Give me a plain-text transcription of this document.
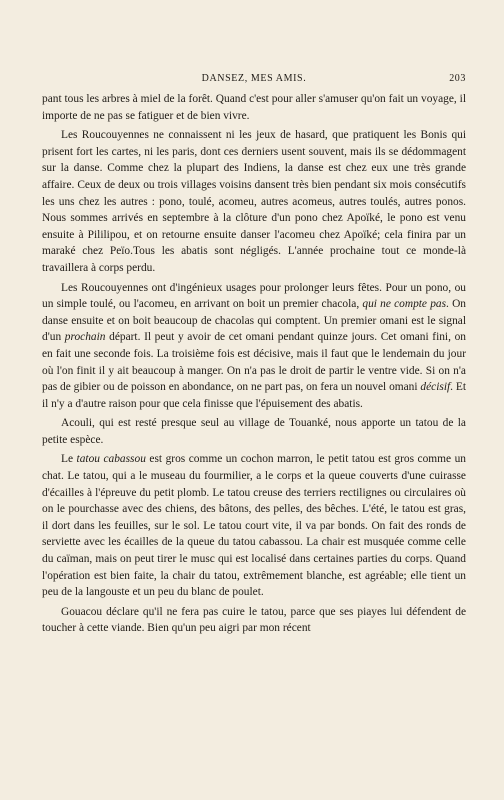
DANSEZ, MES AMIS.	203

pant tous les arbres à miel de la forêt. Quand c'est pour aller s'amuser qu'on fait un voyage, il importe de ne pas se fatiguer et de bien vivre.

Les Roucouyennes ne connaissent ni les jeux de hasard, que pratiquent les Bonis qui prisent fort les cartes, ni les paris, dont ces derniers usent souvent, mais ils se dédommagent sur la danse. Comme chez la plupart des Indiens, la danse est chez eux une très grande affaire. Ceux de deux ou trois villages voisins dansent très bien pendant six mois consécutifs les uns chez les autres : pono, toulé, acomeu, autres acomeus, autres toulés, autres ponos. Nous sommes arrivés en septembre à la clôture d'un pono chez Apoïké, le pono est venu ensuite à Pililipou, et on retourne ensuite danser l'acomeu chez Apoïké; cela finira par un maraké chez Peïo.Tous les abatis sont négligés. L'année prochaine tout ce monde-là travaillera à corps perdu.

Les Roucouyennes ont d'ingénieux usages pour prolonger leurs fêtes. Pour un pono, ou un simple toulé, ou l'acomeu, en arrivant on boit un premier chacola, qui ne compte pas. On danse ensuite et on boit beaucoup de chacolas qui comptent. Un premier omani est le signal d'un prochain départ. Il peut y avoir de cet omani pendant quinze jours. Cet omani fini, on en fait une seconde fois. La troisième fois est décisive, mais il faut que le lendemain du jour où l'on finit il y ait beaucoup à manger. On n'a pas le droit de partir le ventre vide. Si on n'a pas de gibier ou de poisson en abondance, on ne part pas, on fera un nouvel omani décisif. Et il n'y a d'autre raison pour que cela finisse que l'épuisement des abatis.

Acouli, qui est resté presque seul au village de Touanké, nous apporte un tatou de la petite espèce.

Le tatou cabassou est gros comme un cochon marron, le petit tatou est gros comme un chat. Le tatou, qui a le museau du fourmilier, a le corps et la queue couverts d'une cuirasse d'écailles à l'épreuve du petit plomb. Le tatou creuse des terriers rectilignes ou circulaires où on le pourchasse avec des chiens, des bâtons, des pelles, des bêches. L'été, le tatou est gras, il dort dans les feuilles, sur le sol. Le tatou court vite, il va par bonds. On fait des ronds de serviette avec les écailles de la queue du tatou cabassou. La chair est musquée comme celle du caïman, mais on peut tirer le musc qui est localisé dans certaines parties du corps. Quand l'opération est bien faite, la chair du tatou, extrêmement blanche, est agréable; elle tient un peu de la langouste et un peu du blanc de poulet.

Gouacou déclare qu'il ne fera pas cuire le tatou, parce que ses piayes lui défendent de toucher à cette viande. Bien qu'un peu aigri par mon récent
